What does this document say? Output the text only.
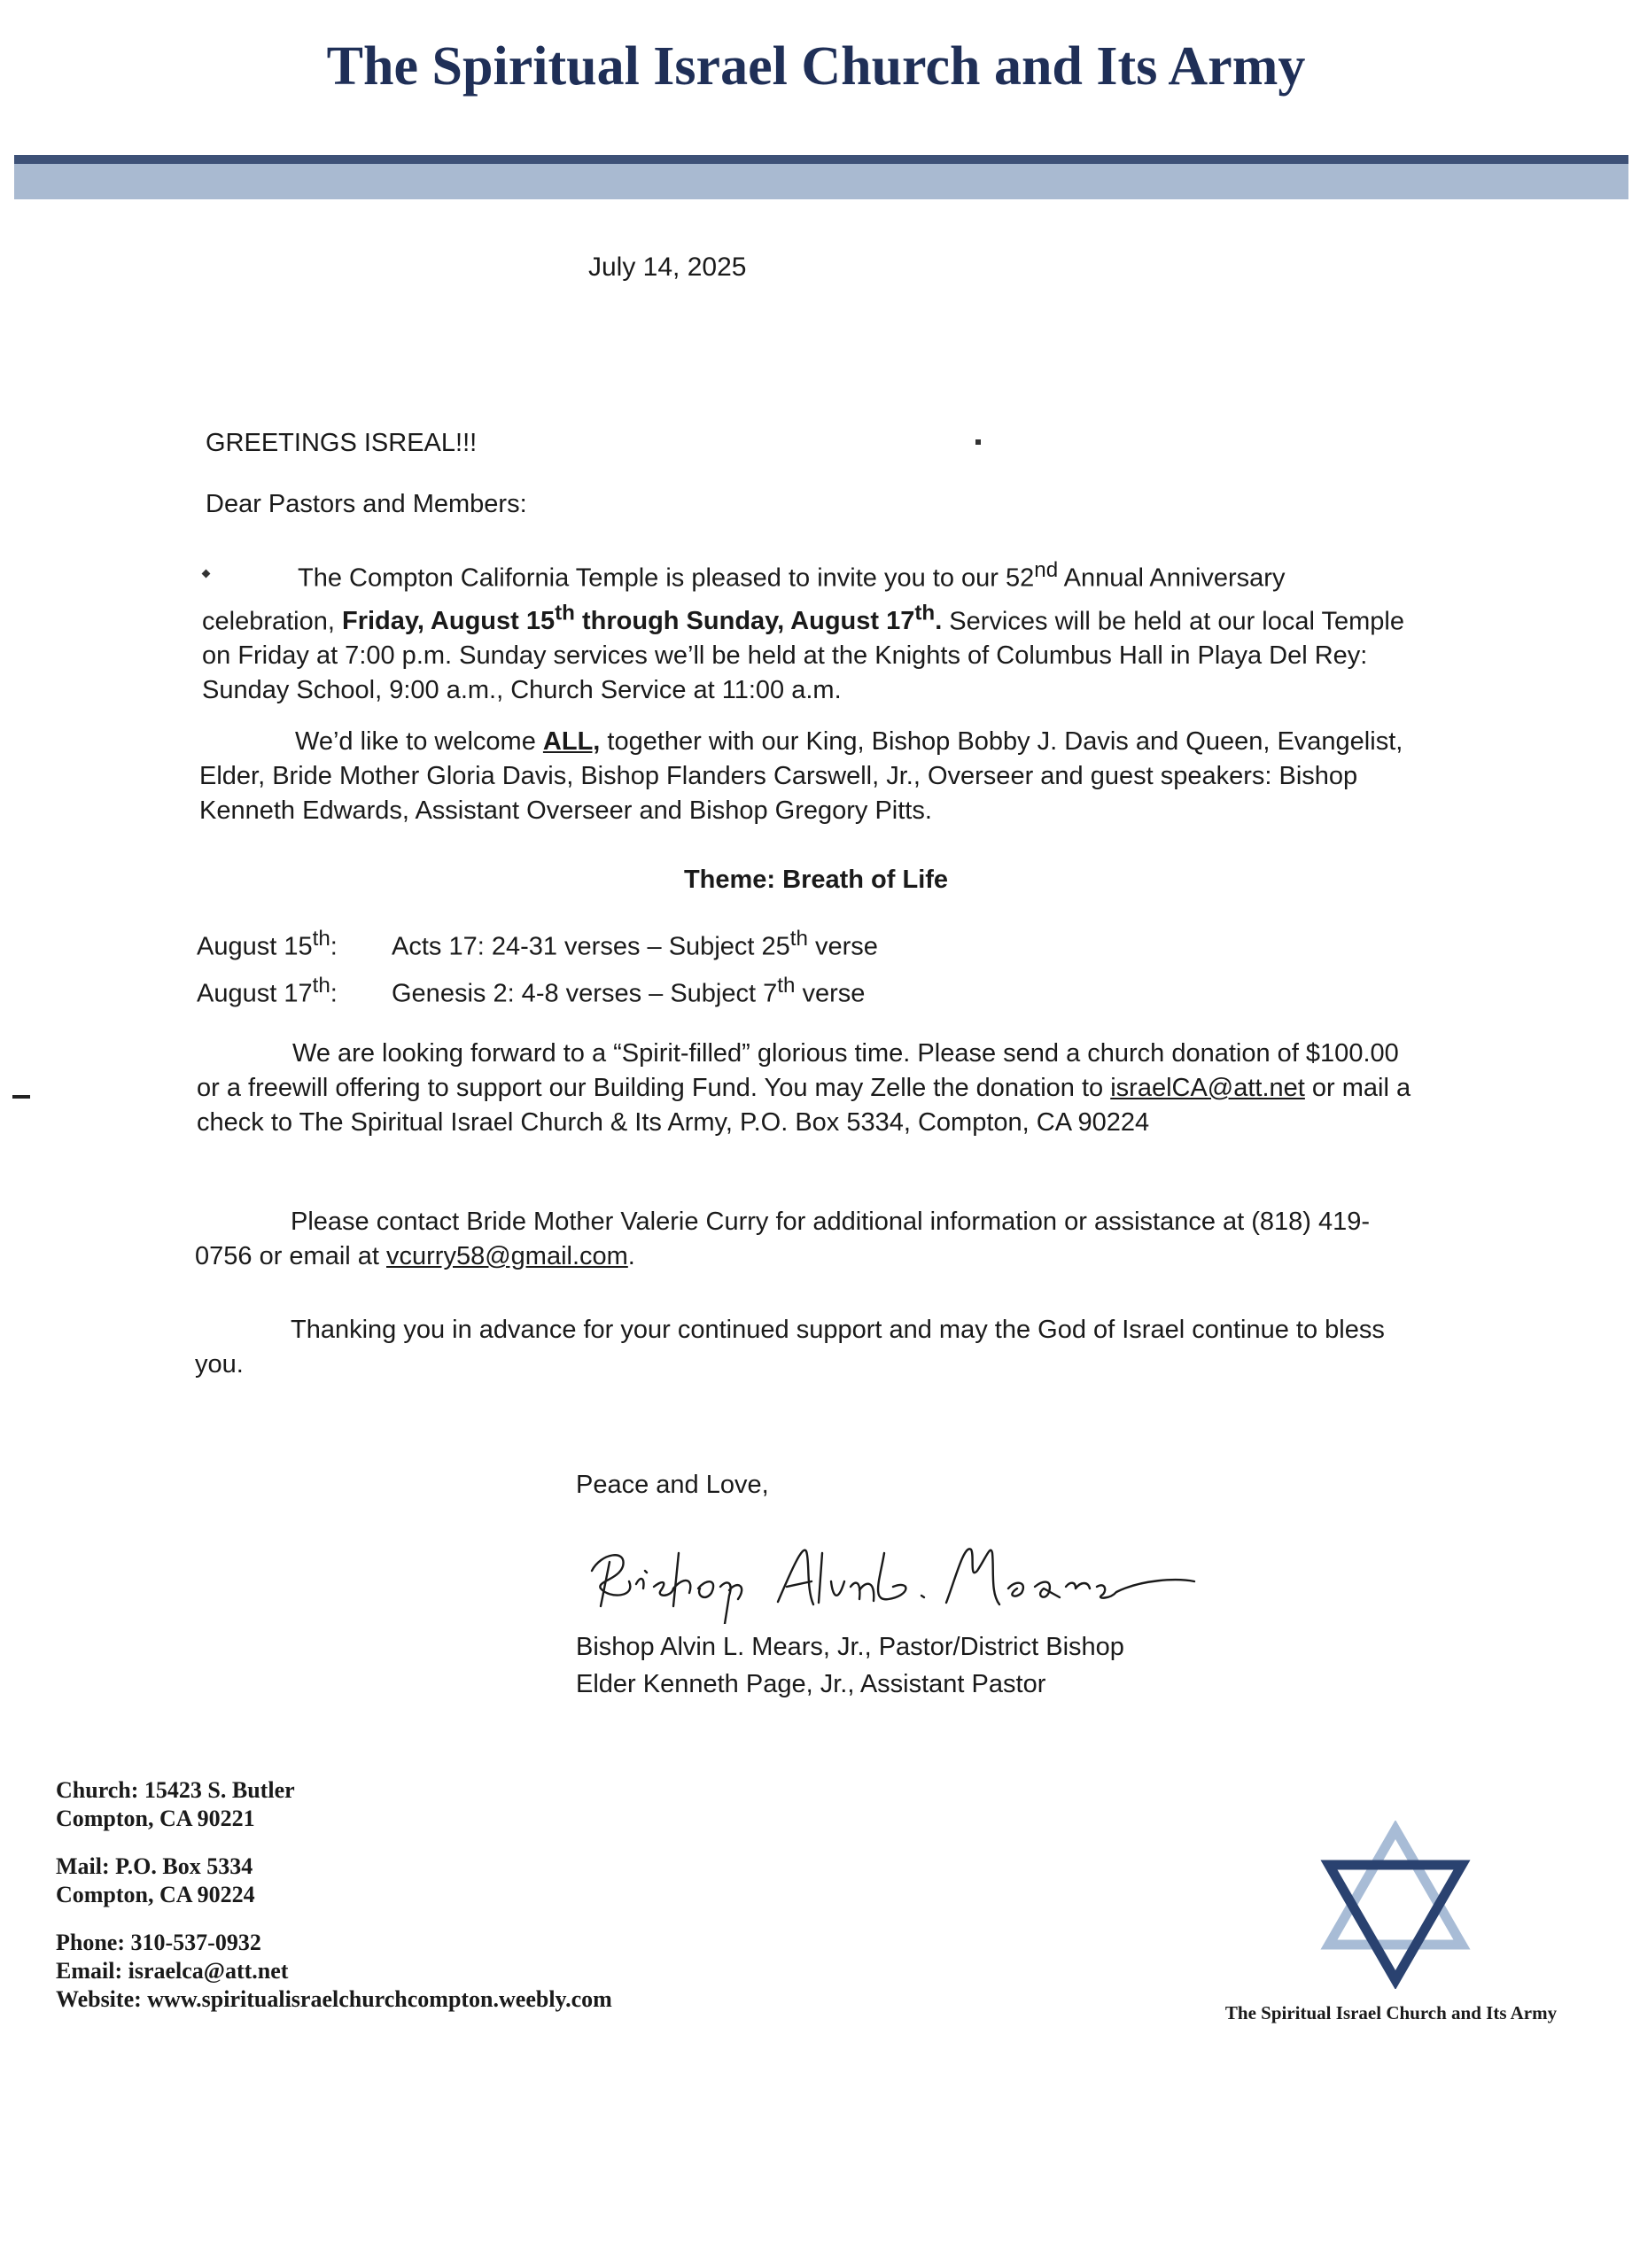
The Spiritual Israel Church and Its Army
July 14, 2025
GREETINGS ISREAL!!!
Dear Pastors and Members:
The Compton California Temple is pleased to invite you to our 52nd Annual Anniversary celebration, Friday, August 15th through Sunday, August 17th. Services will be held at our local Temple on Friday at 7:00 p.m. Sunday services we’ll be held at the Knights of Columbus Hall in Playa Del Rey: Sunday School, 9:00 a.m., Church Service at 11:00 a.m.
We’d like to welcome ALL, together with our King, Bishop Bobby J. Davis and Queen, Evangelist, Elder, Bride Mother Gloria Davis, Bishop Flanders Carswell, Jr., Overseer and guest speakers: Bishop Kenneth Edwards, Assistant Overseer and Bishop Gregory Pitts.
Theme: Breath of Life
August 15th:	Acts 17: 24-31 verses – Subject 25th verse
August 17th:	Genesis 2: 4-8 verses – Subject 7th verse
We are looking forward to a “Spirit-filled” glorious time. Please send a church donation of $100.00 or a freewill offering to support our Building Fund. You may Zelle the donation to israelCA@att.net or mail a check to The Spiritual Israel Church & Its Army, P.O. Box 5334, Compton, CA 90224
Please contact Bride Mother Valerie Curry for additional information or assistance at (818) 419-0756 or email at vcurry58@gmail.com.
Thanking you in advance for your continued support and may the God of Israel continue to bless you.
Peace and Love,
Bishop Alvin L. Mears, Jr., Pastor/District Bishop
Elder Kenneth Page, Jr., Assistant Pastor
Church: 15423 S. Butler
Compton, CA 90221
Mail: P.O. Box 5334
Compton, CA 90224
Phone: 310-537-0932
Email: israelca@att.net
Website: www.spiritualisraelchurchcompton.weebly.com
The Spiritual Israel Church and Its Army
